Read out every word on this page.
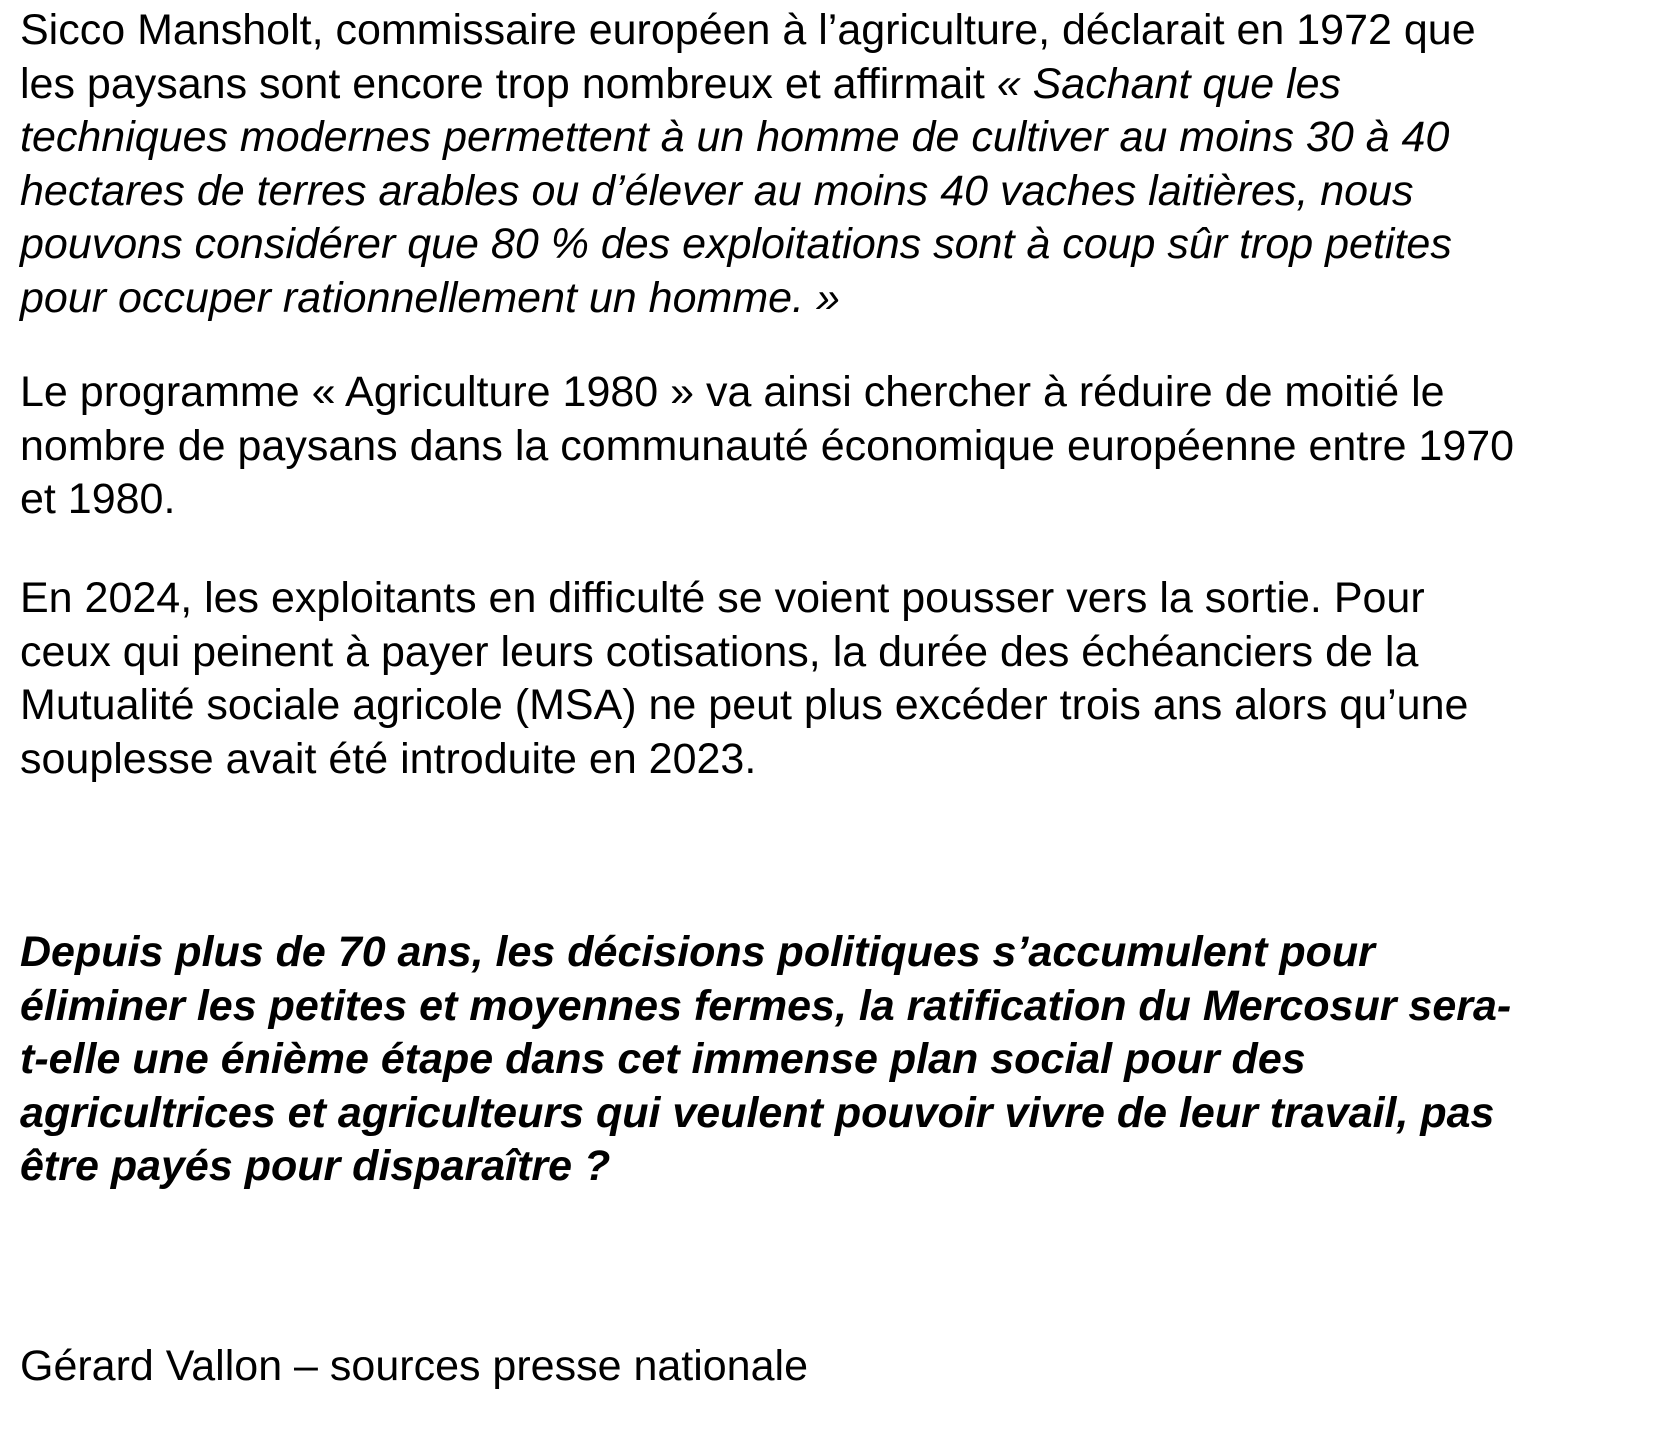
Sicco Mansholt, commissaire européen à l’agriculture, déclarait en 1972 que
les paysans sont encore trop nombreux et affirmait « Sachant que les
techniques modernes permettent à un homme de cultiver au moins 30 à 40
hectares de terres arables ou d’élever au moins 40 vaches laitières, nous
pouvons considérer que 80 % des exploitations sont à coup sûr trop petites
pour occuper rationnellement un homme. »

Le programme « Agriculture 1980 » va ainsi chercher à réduire de moitié le
nombre de paysans dans la communauté économique européenne entre 1970
et 1980.

En 2024, les exploitants en difficulté se voient pousser vers la sortie. Pour
ceux qui peinent à payer leurs cotisations, la durée des échéanciers de la
Mutualité sociale agricole (MSA) ne peut plus excéder trois ans alors qu’une
souplesse avait été introduite en 2023.

Depuis plus de 70 ans, les décisions politiques s’accumulent pour
éliminer les petites et moyennes fermes, la ratification du Mercosur sera-
t-elle une énième étape dans cet immense plan social pour des
agricultrices et agriculteurs qui veulent pouvoir vivre de leur travail, pas
être payés pour disparaître ?

Gérard Vallon – sources presse nationale
